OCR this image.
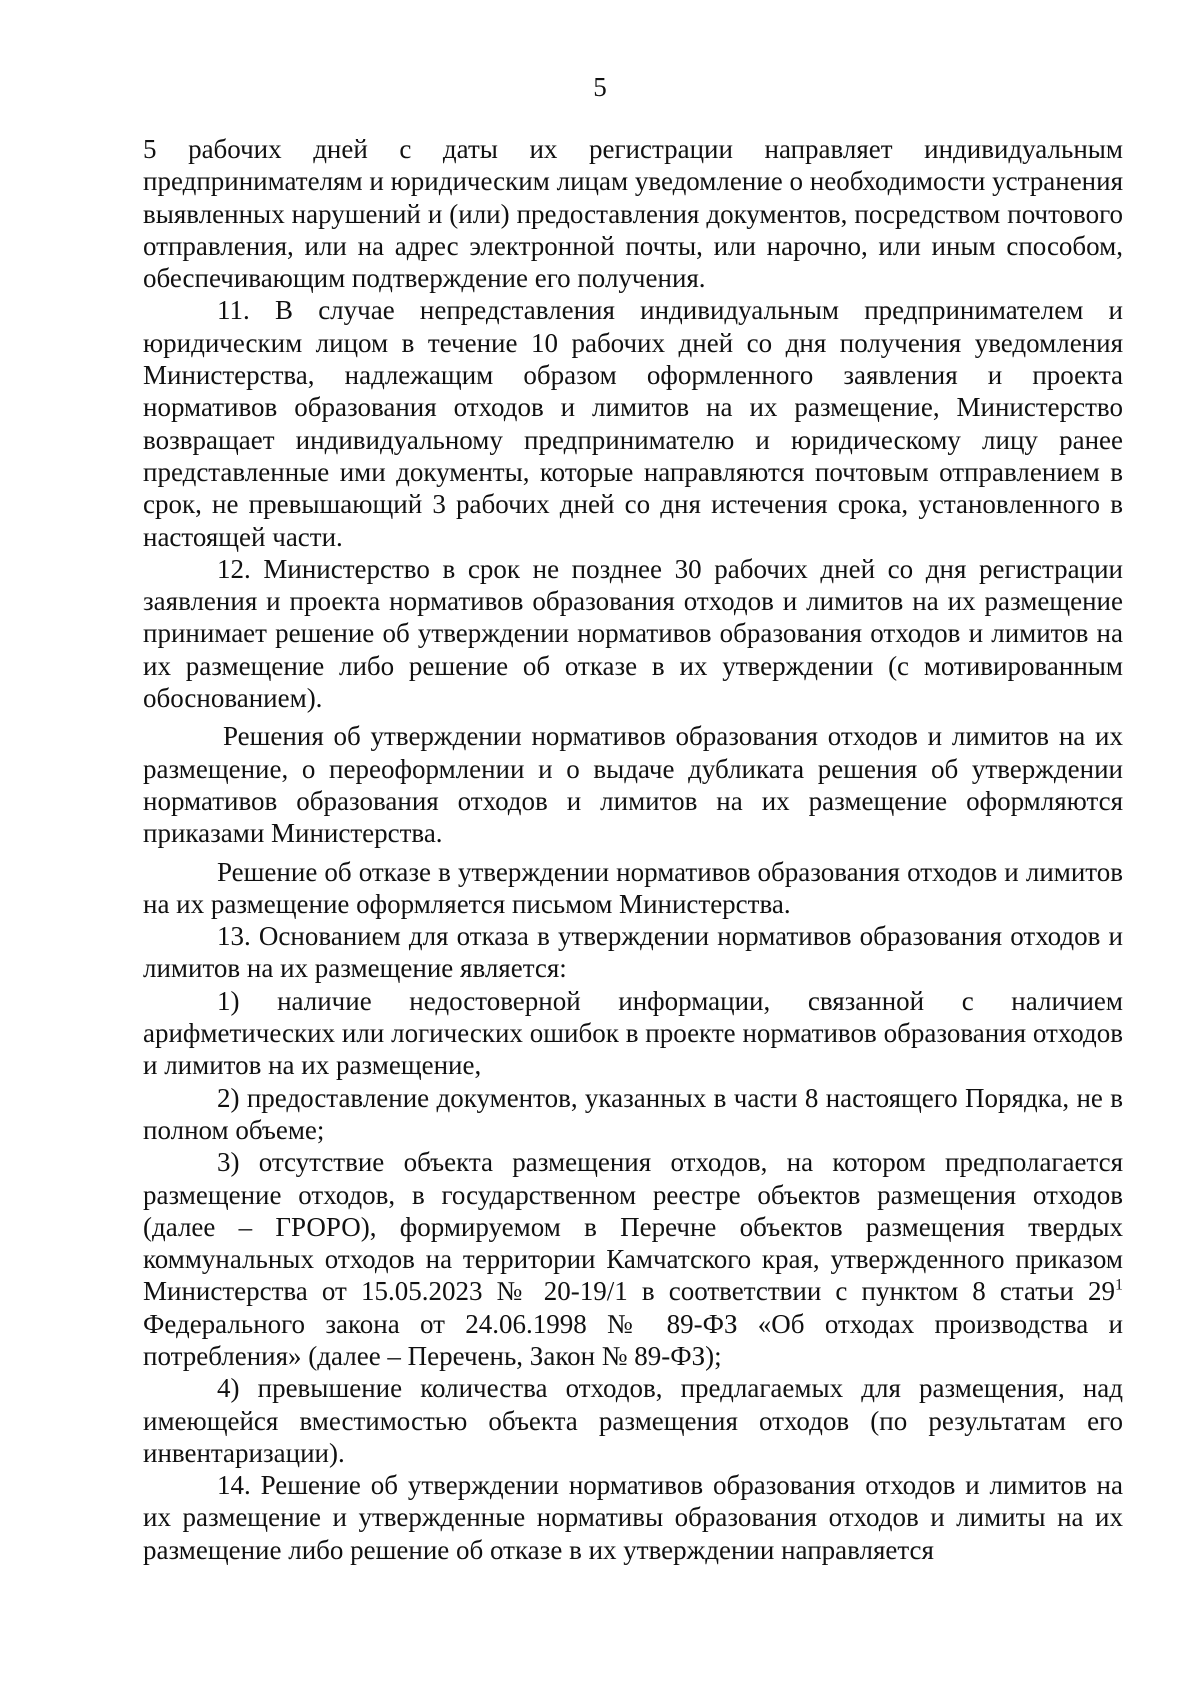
5

5 рабочих дней с даты их регистрации направляет индивидуальным предпринимателям и юридическим лицам уведомление о необходимости устранения выявленных нарушений и (или) предоставления документов, посредством почтового отправления, или на адрес электронной почты, или нарочно, или иным способом, обеспечивающим подтверждение его получения.

11. В случае непредставления индивидуальным предпринимателем и юридическим лицом в течение 10 рабочих дней со дня получения уведомления Министерства, надлежащим образом оформленного заявления и проекта нормативов образования отходов и лимитов на их размещение, Министерство возвращает индивидуальному предпринимателю и юридическому лицу ранее представленные ими документы, которые направляются почтовым отправлением в срок, не превышающий 3 рабочих дней со дня истечения срока, установленного в настоящей части.

12. Министерство в срок не позднее 30 рабочих дней со дня регистрации заявления и проекта нормативов образования отходов и лимитов на их размещение принимает решение об утверждении нормативов образования отходов и лимитов на их размещение либо решение об отказе в их утверждении (с мотивированным обоснованием).

Решения об утверждении нормативов образования отходов и лимитов на их размещение, о переоформлении и о выдаче дубликата решения об утверждении нормативов образования отходов и лимитов на их размещение оформляются приказами Министерства.

Решение об отказе в утверждении нормативов образования отходов и лимитов на их размещение оформляется письмом Министерства.

13. Основанием для отказа в утверждении нормативов образования отходов и лимитов на их размещение является:

1) наличие недостоверной информации, связанной с наличием арифметических или логических ошибок в проекте нормативов образования отходов и лимитов на их размещение,

2) предоставление документов, указанных в части 8 настоящего Порядка, не в полном объеме;

3) отсутствие объекта размещения отходов, на котором предполагается размещение отходов, в государственном реестре объектов размещения отходов (далее – ГРОРО), формируемом в Перечне объектов размещения твердых коммунальных отходов на территории Камчатского края, утвержденного приказом Министерства от 15.05.2023 № 20-19/1 в соответствии с пунктом 8 статьи $29^1$ Федерального закона от 24.06.1998 № 89-ФЗ «Об отходах производства и потребления» (далее – Перечень, Закон № 89-ФЗ);

4) превышение количества отходов, предлагаемых для размещения, над имеющейся вместимостью объекта размещения отходов (по результатам его инвентаризации).

14. Решение об утверждении нормативов образования отходов и лимитов на их размещение и утвержденные нормативы образования отходов и лимиты на их размещение либо решение об отказе в их утверждении направляется
